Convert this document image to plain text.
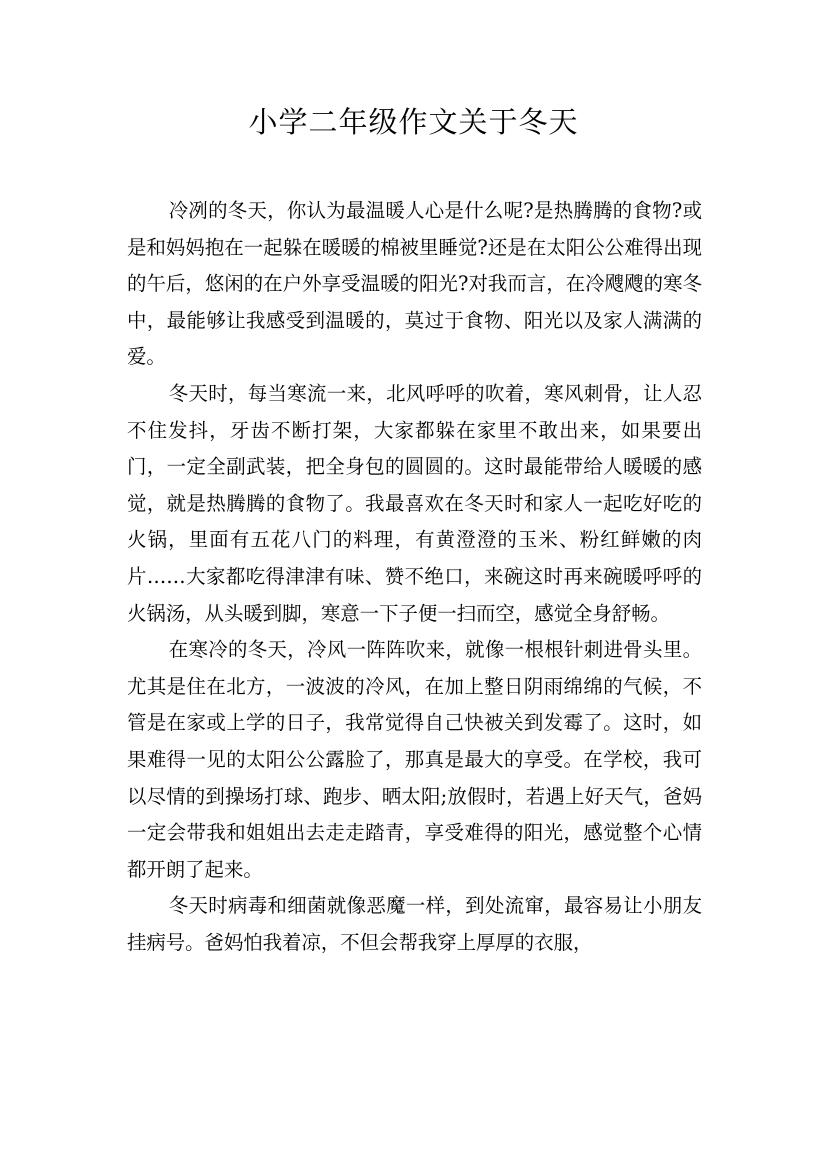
小学二年级作文关于冬天

冷冽的冬天，你认为最温暖人心是什么呢?是热腾腾的食物?或是和妈妈抱在一起躲在暖暖的棉被里睡觉?还是在太阳公公难得出现的午后，悠闲的在户外享受温暖的阳光?对我而言，在冷飕飕的寒冬中，最能够让我感受到温暖的，莫过于食物、阳光以及家人满满的爱。

冬天时，每当寒流一来，北风呼呼的吹着，寒风刺骨，让人忍不住发抖，牙齿不断打架，大家都躲在家里不敢出来，如果要出门，一定全副武装，把全身包的圆圆的。这时最能带给人暖暖的感觉，就是热腾腾的食物了。我最喜欢在冬天时和家人一起吃好吃的火锅，里面有五花八门的料理，有黄澄澄的玉米、粉红鲜嫩的肉片……大家都吃得津津有味、赞不绝口，来碗这时再来碗暖呼呼的火锅汤，从头暖到脚，寒意一下子便一扫而空，感觉全身舒畅。

在寒冷的冬天，冷风一阵阵吹来，就像一根根针刺进骨头里。尤其是住在北方，一波波的冷风，在加上整日阴雨绵绵的气候，不管是在家或上学的日子，我常觉得自己快被关到发霉了。这时，如果难得一见的太阳公公露脸了，那真是最大的享受。在学校，我可以尽情的到操场打球、跑步、晒太阳;放假时，若遇上好天气，爸妈一定会带我和姐姐出去走走踏青，享受难得的阳光，感觉整个心情都开朗了起来。

冬天时病毒和细菌就像恶魔一样，到处流窜，最容易让小朋友挂病号。爸妈怕我着凉，不但会帮我穿上厚厚的衣服，
